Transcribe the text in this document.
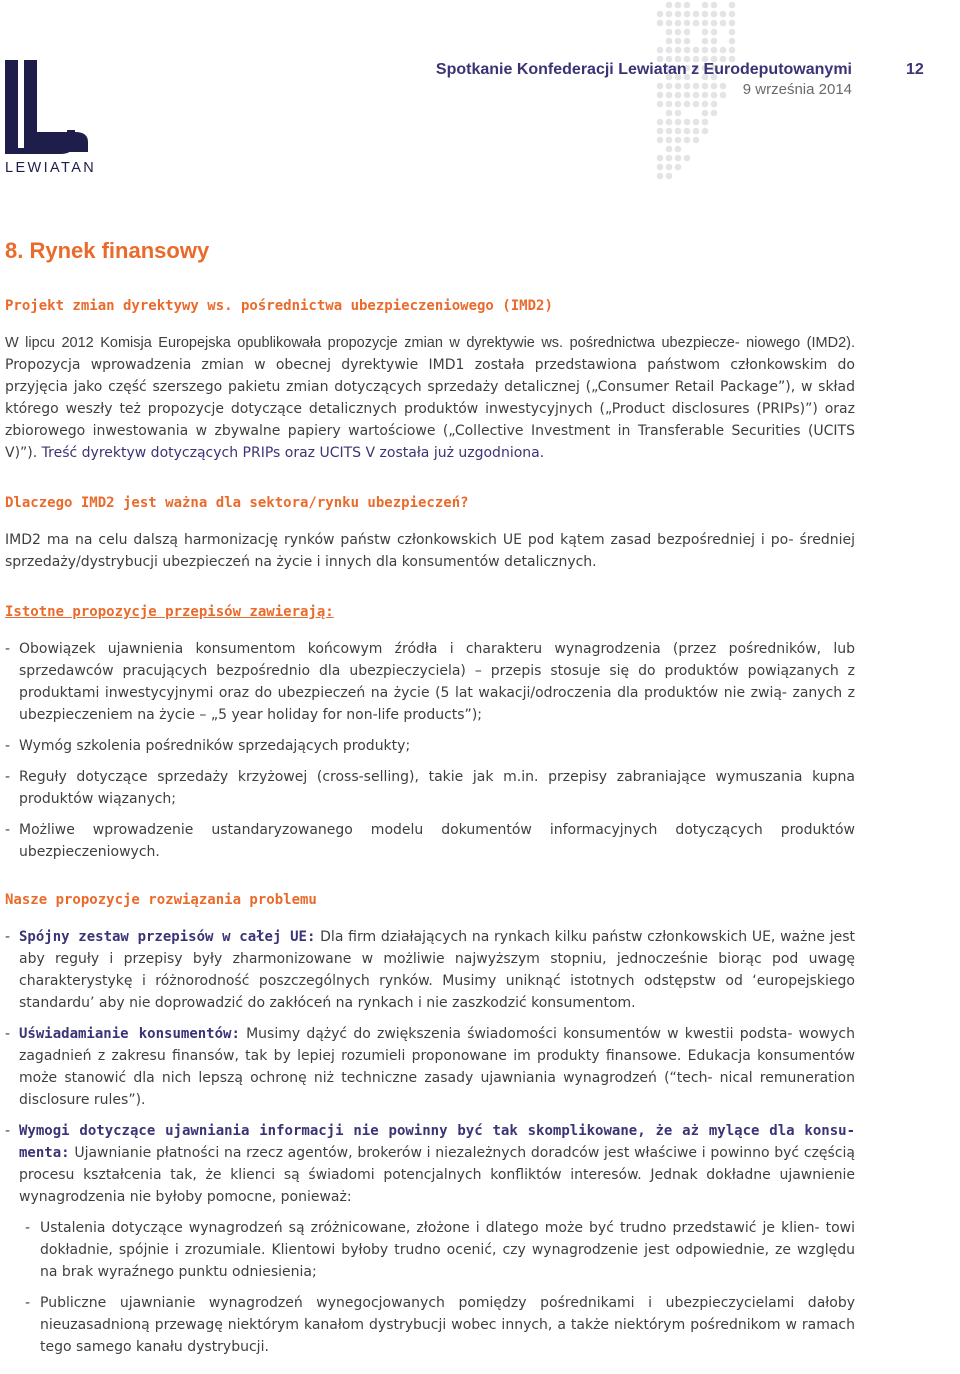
LEWIATAN
Spotkanie Konfederacji Lewiatan z Eurodeputowanymi
9 września 2014
12
8. Rynek finansowy
Projekt zmian dyrektywy ws. pośrednictwa ubezpieczeniowego (IMD2)

W lipcu 2012 Komisja Europejska opublikowała propozycje zmian w dyrektywie ws. pośrednictwa ubezpiecze- niowego (IMD2). Propozycja wprowadzenia zmian w obecnej dyrektywie IMD1 została przedstawiona państwom członkowskim do przyjęcia jako część szerszego pakietu zmian dotyczących sprzedaży detalicznej („Consumer Retail Package”), w skład którego weszły też propozycje dotyczące detalicznych produktów inwestycyjnych („Product disclosures (PRIPs)”) oraz zbiorowego inwestowania w zbywalne papiery wartościowe („Collective Investment in Transferable Securities (UCITS V)”). Treść dyrektyw dotyczących PRIPs oraz UCITS V została już uzgodniona.

Dlaczego IMD2 jest ważna dla sektora/rynku ubezpieczeń?

IMD2 ma na celu dalszą harmonizację rynków państw członkowskich UE pod kątem zasad bezpośredniej i po- średniej sprzedaży/dystrybucji ubezpieczeń na życie i innych dla konsumentów detalicznych.

Istotne propozycje przepisów zawierają:
- Obowiązek ujawnienia konsumentom końcowym źródła i charakteru wynagrodzenia (przez pośredników, lub sprzedawców pracujących bezpośrednio dla ubezpieczyciela) – przepis stosuje się do produktów powiązanych z produktami inwestycyjnymi oraz do ubezpieczeń na życie (5 lat wakacji/odroczenia dla produktów nie zwią- zanych z ubezpieczeniem na życie – „5 year holiday for non-life products”);
- Wymóg szkolenia pośredników sprzedających produkty;
- Reguły dotyczące sprzedaży krzyżowej (cross-selling), takie jak m.in. przepisy zabraniające wymuszania kupna produktów wiązanych;
- Możliwe wprowadzenie ustandaryzowanego modelu dokumentów informacyjnych dotyczących produktów ubezpieczeniowych.
Nasze propozycje rozwiązania problemu
- Spójny zestaw przepisów w całej UE: Dla firm działających na rynkach kilku państw członkowskich UE, ważne jest aby reguły i przepisy były zharmonizowane w możliwie najwyższym stopniu, jednocześnie biorąc pod uwagę charakterystykę i różnorodność poszczególnych rynków. Musimy uniknąć istotnych odstępstw od ‘europejskiego standardu’ aby nie doprowadzić do zakłóceń na rynkach i nie zaszkodzić konsumentom.
- Uświadamianie konsumentów: Musimy dążyć do zwiększenia świadomości konsumentów w kwestii podsta- wowych zagadnień z zakresu finansów, tak by lepiej rozumieli proponowane im produkty finansowe. Edukacja konsumentów może stanowić dla nich lepszą ochronę niż techniczne zasady ujawniania wynagrodzeń (“tech- nical remuneration disclosure rules”).
- Wymogi dotyczące ujawniania informacji nie powinny być tak skomplikowane, że aż mylące dla konsu- menta: Ujawnianie płatności na rzecz agentów, brokerów i niezależnych doradców jest właściwe i powinno być częścią procesu kształcenia tak, że klienci są świadomi potencjalnych konfliktów interesów. Jednak dokładne ujawnienie wynagrodzenia nie byłoby pomocne, ponieważ:
- Ustalenia dotyczące wynagrodzeń są zróżnicowane, złożone i dlatego może być trudno przedstawić je klien- towi dokładnie, spójnie i zrozumiale. Klientowi byłoby trudno ocenić, czy wynagrodzenie jest odpowiednie, ze względu na brak wyraźnego punktu odniesienia;
- Publiczne ujawnianie wynagrodzeń wynegocjowanych pomiędzy pośrednikami i ubezpieczycielami dałoby nieuzasadnioną przewagę niektórym kanałom dystrybucji wobec innych, a także niektórym pośrednikom w ramach tego samego kanału dystrybucji.
